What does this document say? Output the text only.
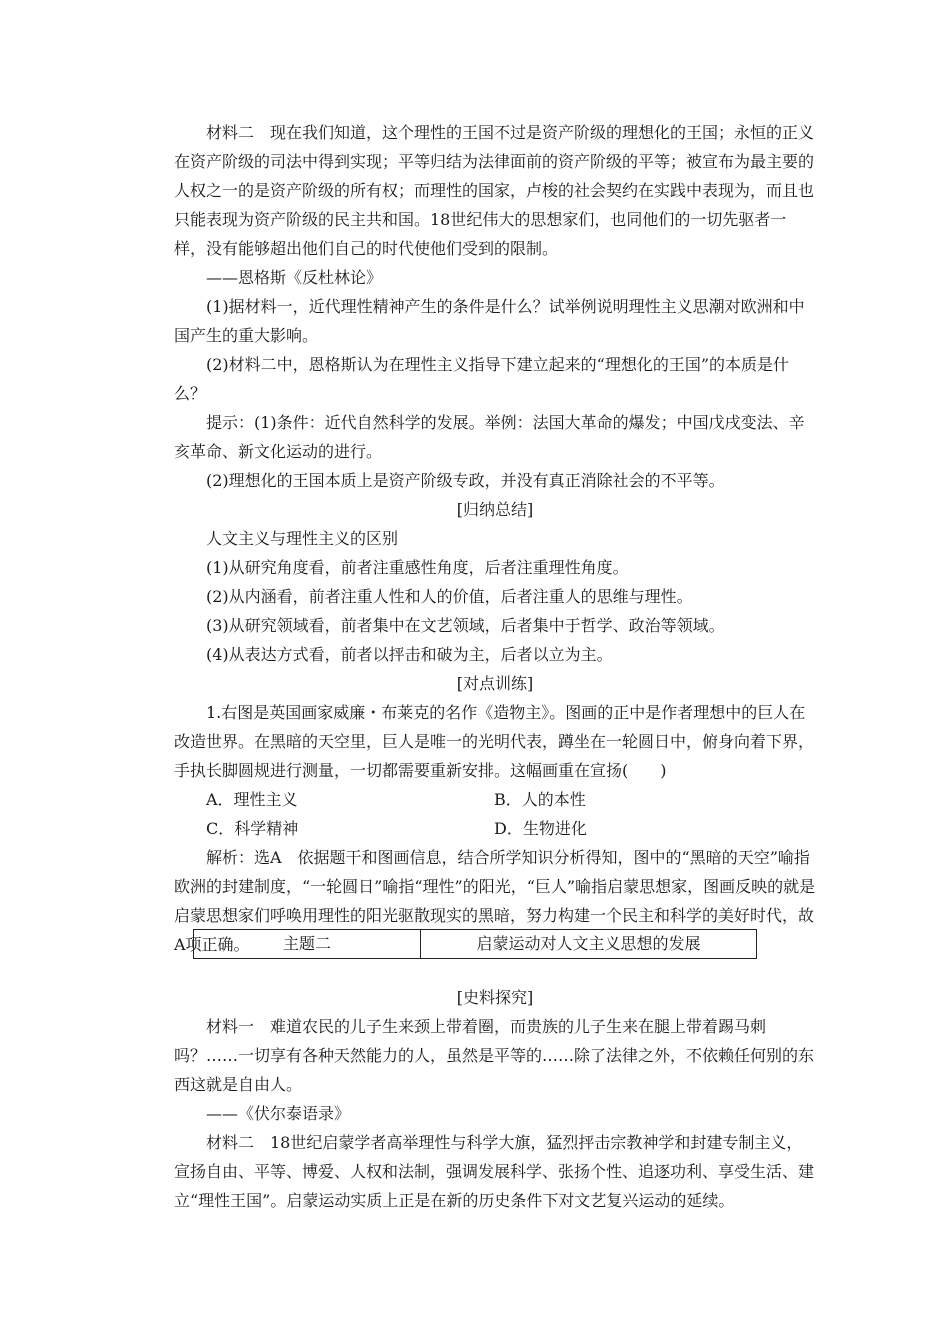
材料二　现在我们知道，这个理性的王国不过是资产阶级的理想化的王国；永恒的正义在资产阶级的司法中得到实现；平等归结为法律面前的资产阶级的平等；被宣布为最主要的人权之一的是资产阶级的所有权；而理性的国家，卢梭的社会契约在实践中表现为，而且也只能表现为资产阶级的民主共和国。18世纪伟大的思想家们，也同他们的一切先驱者一样，没有能够超出他们自己的时代使他们受到的限制。

——恩格斯《反杜林论》

(1)据材料一，近代理性精神产生的条件是什么？试举例说明理性主义思潮对欧洲和中国产生的重大影响。

(2)材料二中，恩格斯认为在理性主义指导下建立起来的“理想化的王国”的本质是什么？

提示：(1)条件：近代自然科学的发展。举例：法国大革命的爆发；中国戊戌变法、辛亥革命、新文化运动的进行。

(2)理想化的王国本质上是资产阶级专政，并没有真正消除社会的不平等。

[归纳总结]

人文主义与理性主义的区别

(1)从研究角度看，前者注重感性角度，后者注重理性角度。

(2)从内涵看，前者注重人性和人的价值，后者注重人的思维与理性。

(3)从研究领域看，前者集中在文艺领域，后者集中于哲学、政治等领域。

(4)从表达方式看，前者以抨击和破为主，后者以立为主。

[对点训练]

1.右图是英国画家威廉・布莱克的名作《造物主》。图画的正中是作者理想中的巨人在改造世界。在黑暗的天空里，巨人是唯一的光明代表，蹲坐在一轮圆日中，俯身向着下界，手执长脚圆规进行测量，一切都需要重新安排。这幅画重在宣扬(　　)

A．理性主义	B．人的本性
C．科学精神	D．生物进化

解析：选A　依据题干和图画信息，结合所学知识分析得知，图中的“黑暗的天空”喻指欧洲的封建制度，“一轮圆日”喻指“理性”的阳光，“巨人”喻指启蒙思想家，图画反映的就是启蒙思想家们呼唤用理性的阳光驱散现实的黑暗，努力构建一个民主和科学的美好时代，故A项正确。	主题二	启蒙运动对人文主义思想的发展

[史料探究]

材料一　难道农民的儿子生来颈上带着圈，而贵族的儿子生来在腿上带着踢马刺吗？……一切享有各种天然能力的人，虽然是平等的……除了法律之外，不依赖任何别的东西这就是自由人。

——《伏尔泰语录》

材料二　18世纪启蒙学者高举理性与科学大旗，猛烈抨击宗教神学和封建专制主义，宣扬自由、平等、博爱、人权和法制，强调发展科学、张扬个性、追逐功利、享受生活、建立“理性王国”。启蒙运动实质上正是在新的历史条件下对文艺复兴运动的延续。
